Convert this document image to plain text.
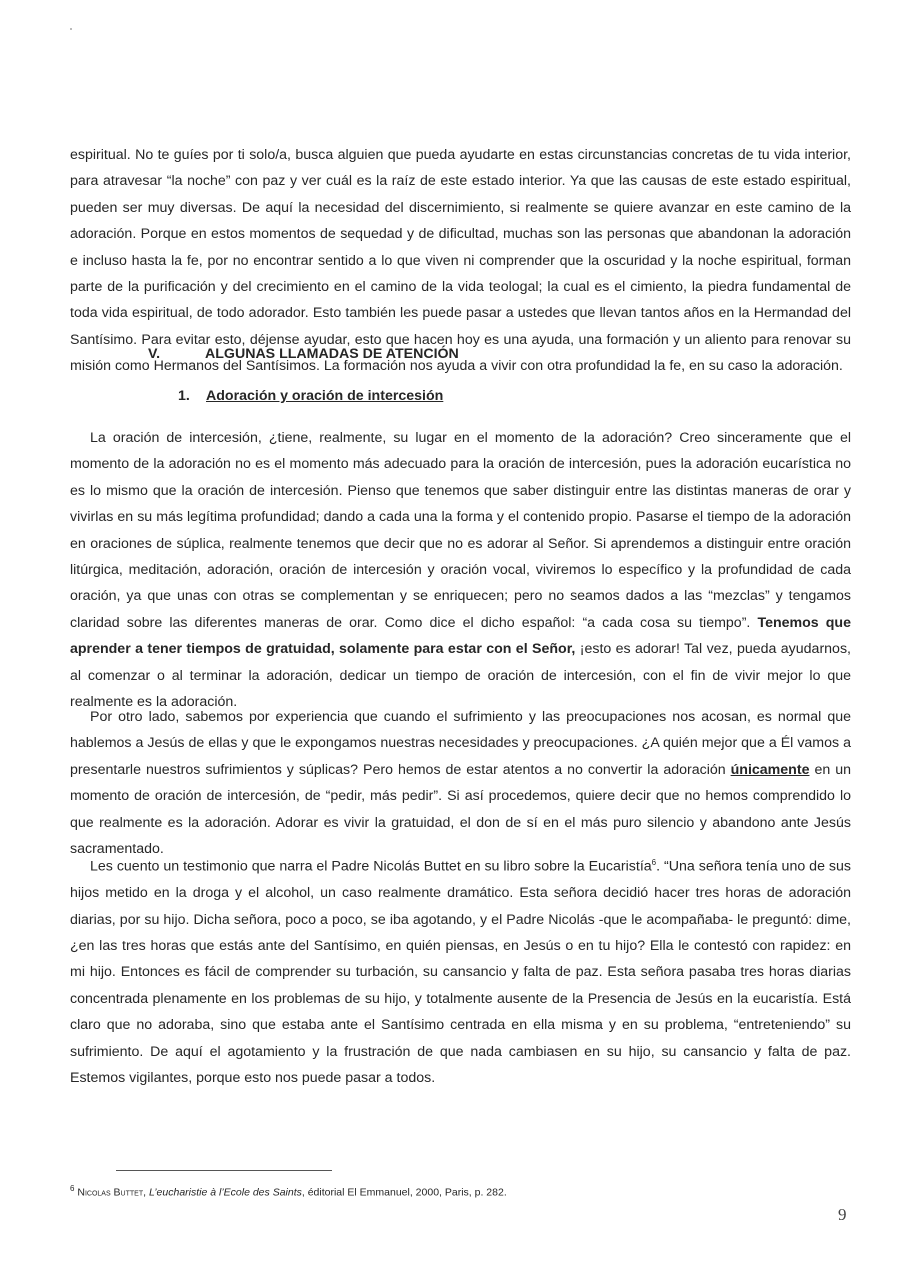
espiritual. No te guíes por ti solo/a, busca alguien que pueda ayudarte en estas circunstancias concretas de tu vida interior, para atravesar “la noche” con paz y ver cuál es la raíz de este estado interior. Ya que las causas de este estado espiritual, pueden ser muy diversas. De aquí la necesidad del discernimiento, si realmente se quiere avanzar en este camino de la adoración. Porque en estos momentos de sequedad y de dificultad, muchas son las personas que abandonan la adoración e incluso hasta la fe, por no encontrar sentido a lo que viven ni comprender que la oscuridad y la noche espiritual, forman parte de la purificación y del crecimiento en el camino de la vida teologal; la cual es el cimiento, la piedra fundamental de toda vida espiritual, de todo adorador. Esto también les puede pasar a ustedes que llevan tantos años en la Hermandad del Santísimo. Para evitar esto, déjense ayudar, esto que hacen hoy es una ayuda, una formación y un aliento para renovar su misión como Hermanos del Santísimos. La formación nos ayuda a vivir con otra profundidad la fe, en su caso la adoración.
V.	ALGUNAS LLAMADAS DE ATENCIÓN
1. Adoración y oración de intercesión
La oración de intercesión, ¿tiene, realmente, su lugar en el momento de la adoración? Creo sinceramente que el momento de la adoración no es el momento más adecuado para la oración de intercesión, pues la adoración eucarística no es lo mismo que la oración de intercesión. Pienso que tenemos que saber distinguir entre las distintas maneras de orar y vivirlas en su más legítima profundidad; dando a cada una la forma y el contenido propio. Pasarse el tiempo de la adoración en oraciones de súplica, realmente tenemos que decir que no es adorar al Señor. Si aprendemos a distinguir entre oración litúrgica, meditación, adoración, oración de intercesión y oración vocal, viviremos lo específico y la profundidad de cada oración, ya que unas con otras se complementan y se enriquecen; pero no seamos dados a las “mezclas” y tengamos claridad sobre las diferentes maneras de orar. Como dice el dicho español: “a cada cosa su tiempo”. Tenemos que aprender a tener tiempos de gratuidad, solamente para estar con el Señor, ¡esto es adorar! Tal vez, pueda ayudarnos, al comenzar o al terminar la adoración, dedicar un tiempo de oración de intercesión, con el fin de vivir mejor lo que realmente es la adoración.
Por otro lado, sabemos por experiencia que cuando el sufrimiento y las preocupaciones nos acosan, es normal que hablemos a Jesús de ellas y que le expongamos nuestras necesidades y preocupaciones. ¿A quién mejor que a Él vamos a presentarle nuestros sufrimientos y súplicas? Pero hemos de estar atentos a no convertir la adoración únicamente en un momento de oración de intercesión, de “pedir, más pedir”. Si así procedemos, quiere decir que no hemos comprendido lo que realmente es la adoración. Adorar es vivir la gratuidad, el don de sí en el más puro silencio y abandono ante Jesús sacramentado.
Les cuento un testimonio que narra el Padre Nicolás Buttet en su libro sobre la Eucaristía$^6$. “Una señora tenía uno de sus hijos metido en la droga y el alcohol, un caso realmente dramático. Esta señora decidió hacer tres horas de adoración diarias, por su hijo. Dicha señora, poco a poco, se iba agotando, y el Padre Nicolás -que le acompañaba- le preguntó: dime, ¿en las tres horas que estás ante del Santísimo, en quién piensas, en Jesús o en tu hijo? Ella le contestó con rapidez: en mi hijo. Entonces es fácil de comprender su turbación, su cansancio y falta de paz. Esta señora pasaba tres horas diarias concentrada plenamente en los problemas de su hijo, y totalmente ausente de la Presencia de Jesús en la eucaristía. Está claro que no adoraba, sino que estaba ante el Santísimo centrada en ella misma y en su problema, “entreteniendo” su sufrimiento. De aquí el agotamiento y la frustración de que nada cambiasen en su hijo, su cansancio y falta de paz. Estemos vigilantes, porque esto nos puede pasar a todos.
$^6$ Nicolas Buttet, L’eucharistie à l’Ecole des Saints, éditorial El Emmanuel, 2000, Paris, p. 282.
9
